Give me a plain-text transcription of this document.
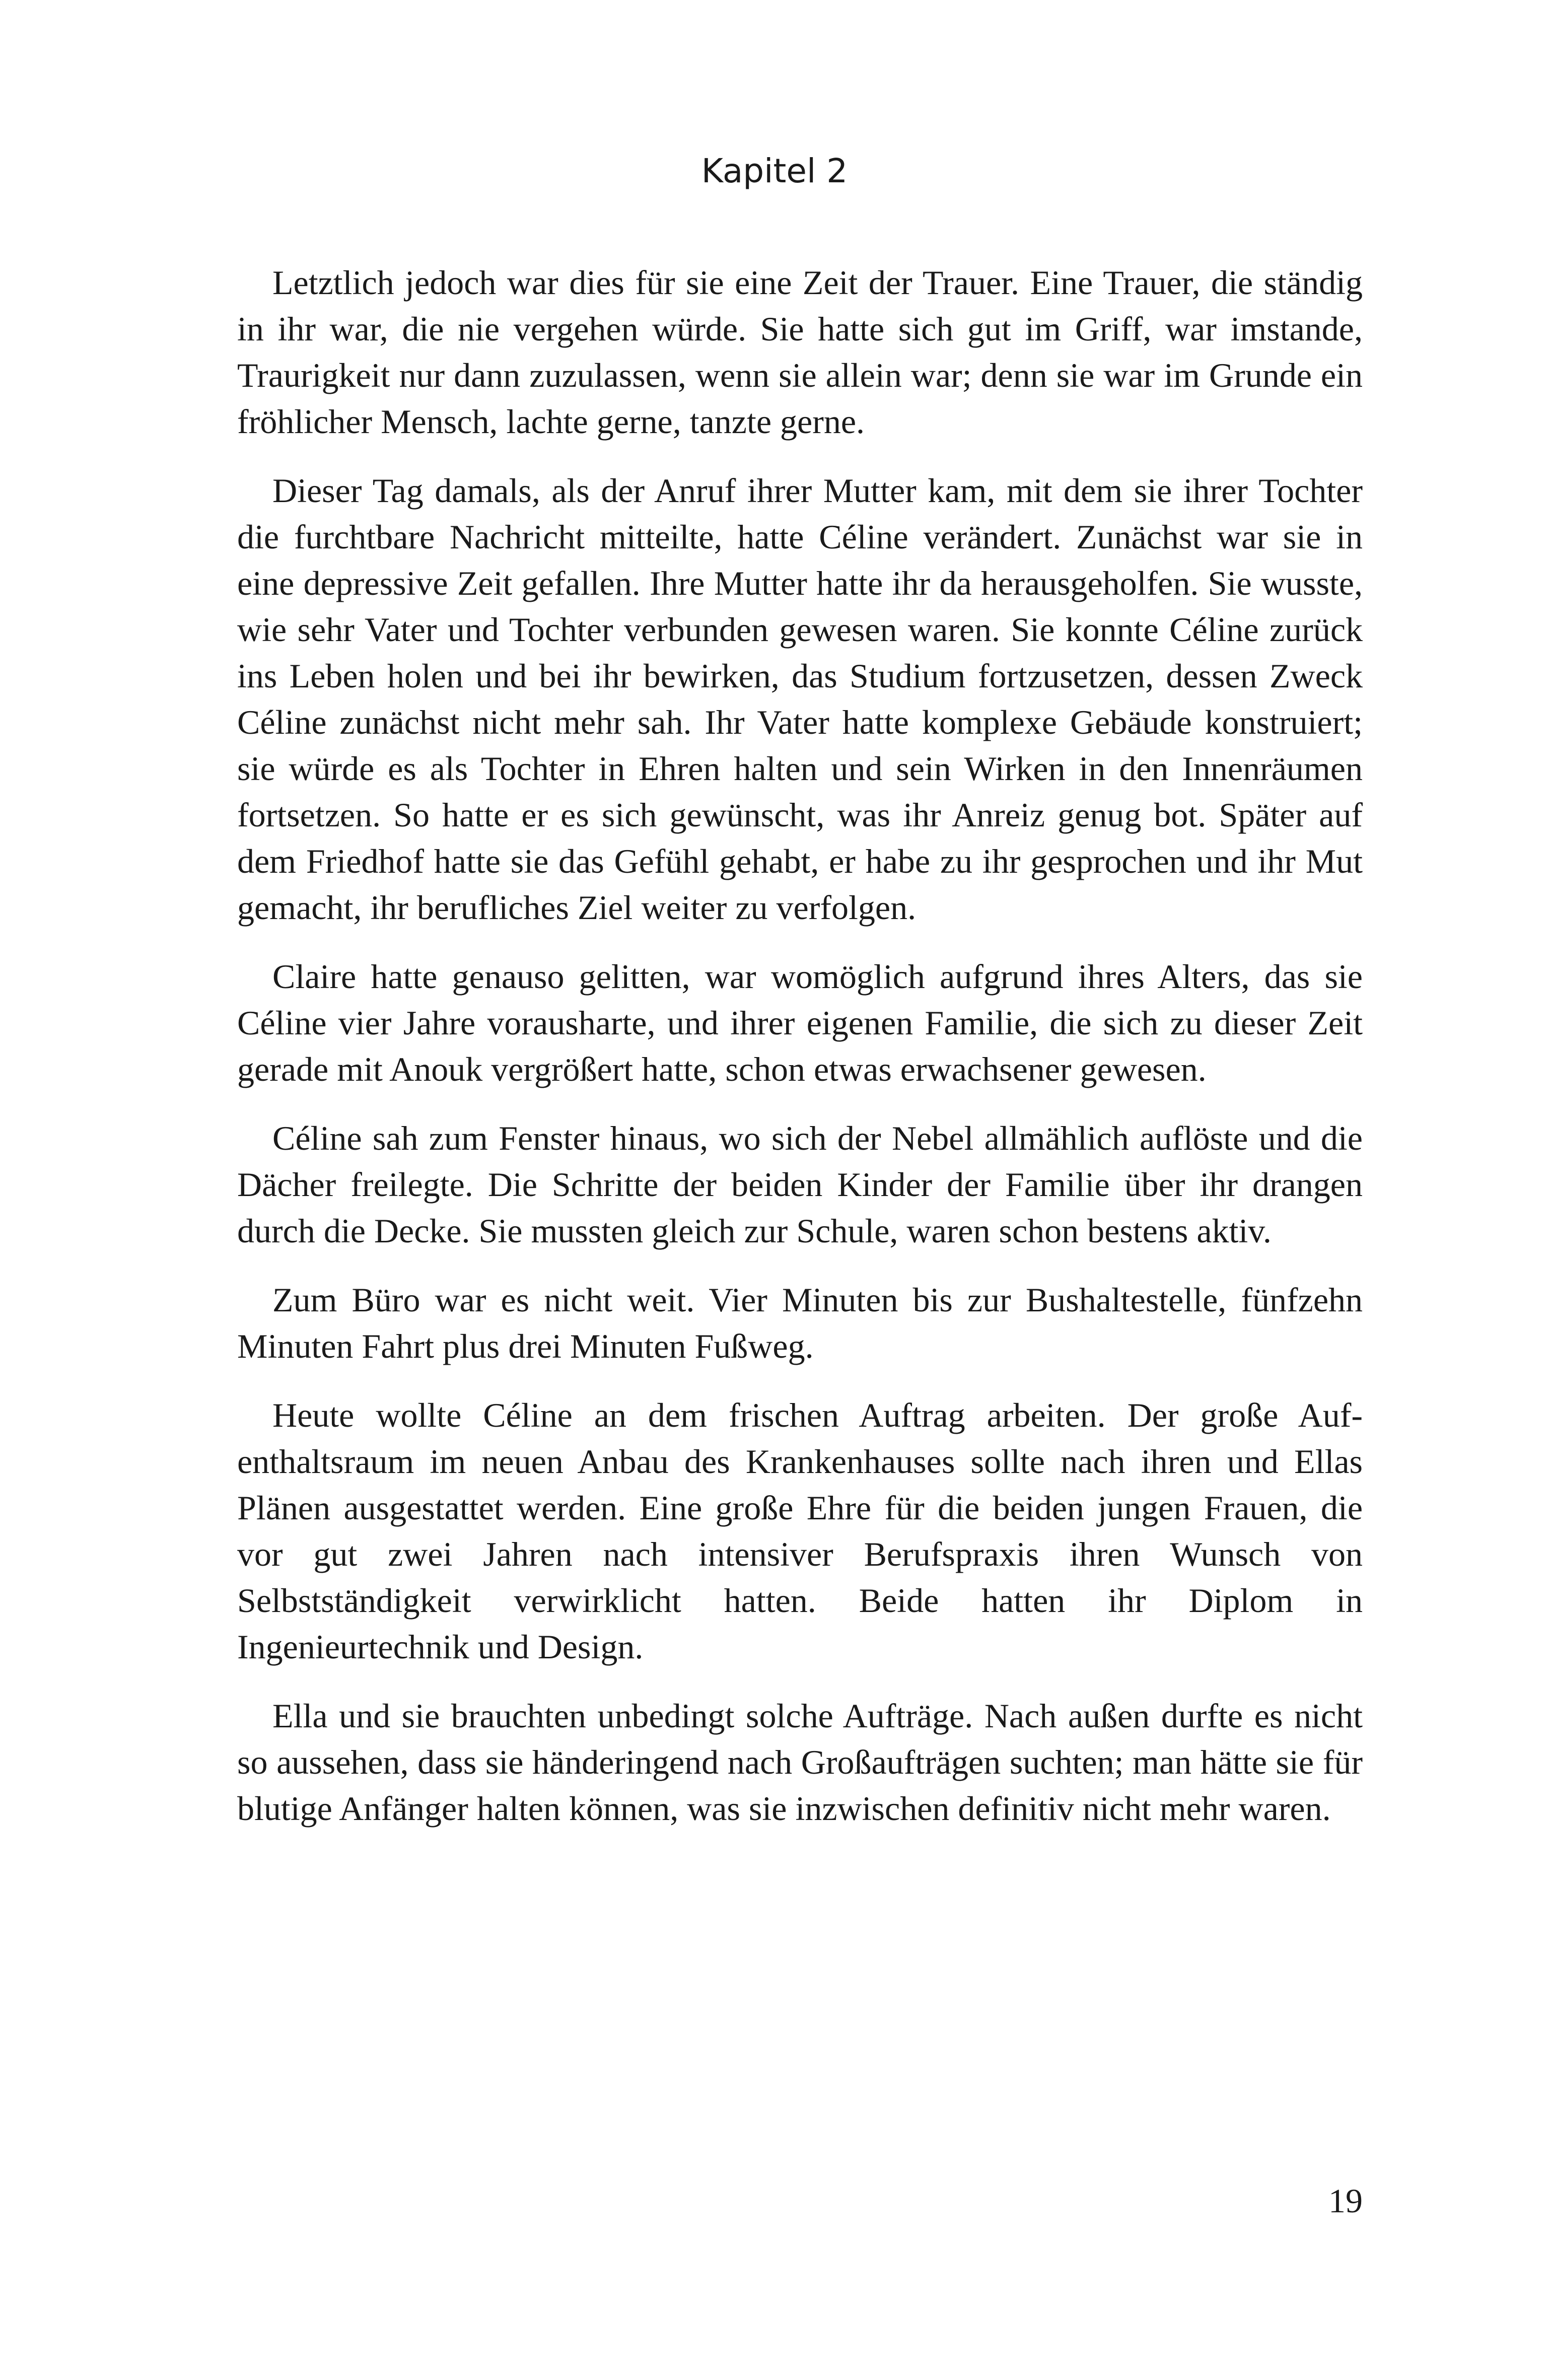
Kapitel 2

Letztlich jedoch war dies für sie eine Zeit der Trauer. Eine Trauer, die ständig in ihr war, die nie vergehen würde. Sie hatte sich gut im Griff, war imstande, Traurigkeit nur dann zuzulassen, wenn sie allein war; denn sie war im Grunde ein fröhlicher Mensch, lachte gerne, tanzte gerne.

Dieser Tag damals, als der Anruf ihrer Mutter kam, mit dem sie ihrer Tochter die furchtbare Nachricht mitteilte, hatte Céline verändert. Zunächst war sie in eine depressive Zeit gefallen. Ihre Mutter hatte ihr da herausgeholfen. Sie wusste, wie sehr Vater und Tochter verbunden gewesen waren. Sie konnte Céline zurück ins Leben holen und bei ihr bewirken, das Studium fortzusetzen, dessen Zweck Céline zunächst nicht mehr sah. Ihr Vater hatte komplexe Gebäude konstruiert; sie würde es als Tochter in Ehren halten und sein Wirken in den Innenräumen fortsetzen. So hatte er es sich gewünscht, was ihr Anreiz genug bot. Später auf dem Friedhof hatte sie das Gefühl gehabt, er habe zu ihr gesprochen und ihr Mut gemacht, ihr berufliches Ziel weiter zu verfolgen.

Claire hatte genauso gelitten, war womöglich aufgrund ihres Alters, das sie Céline vier Jahre vorausharte, und ihrer eigenen Familie, die sich zu dieser Zeit gerade mit Anouk vergrößert hatte, schon etwas erwachsener gewesen.

Céline sah zum Fenster hinaus, wo sich der Nebel allmählich auflöste und die Dächer freilegte. Die Schritte der beiden Kinder der Familie über ihr drangen durch die Decke. Sie mussten gleich zur Schule, waren schon bestens aktiv.

Zum Büro war es nicht weit. Vier Minuten bis zur Bushaltestelle, fünfzehn Minuten Fahrt plus drei Minuten Fußweg.

Heute wollte Céline an dem frischen Auftrag arbeiten. Der große Aufenthaltsraum im neuen Anbau des Krankenhauses sollte nach ihren und Ellas Plänen ausgestattet werden. Eine große Ehre für die beiden jungen Frauen, die vor gut zwei Jahren nach intensiver Berufspraxis ihren Wunsch von Selbstständigkeit verwirklicht hatten. Beide hatten ihr Diplom in Ingenieurtechnik und Design.

Ella und sie brauchten unbedingt solche Aufträge. Nach außen durfte es nicht so aussehen, dass sie händeringend nach Großaufträgen suchten; man hätte sie für blutige Anfänger halten können, was sie inzwischen definitiv nicht mehr waren.

19
